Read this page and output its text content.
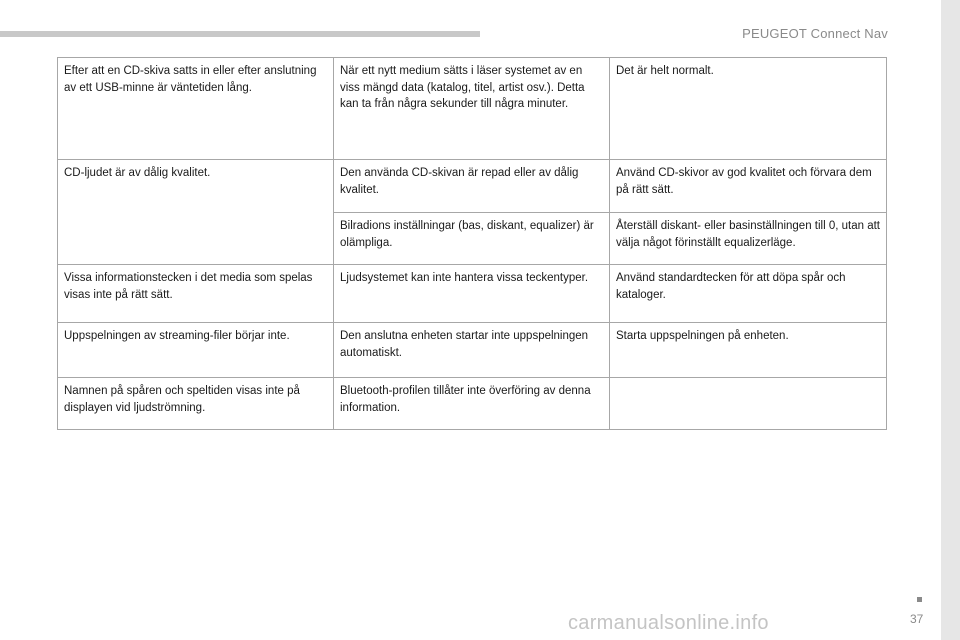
PEUGEOT Connect Nav
Efter att en CD-skiva satts in eller efter anslutning av ett USB-minne är väntetiden lång.	När ett nytt medium sätts i läser systemet av en viss mängd data (katalog, titel, artist osv.). Detta kan ta från några sekunder till några minuter.	Det är helt normalt.
CD-ljudet är av dålig kvalitet.	Den använda CD-skivan är repad eller av dålig kvalitet.	Använd CD-skivor av god kvalitet och förvara dem på rätt sätt.
	Bilradions inställningar (bas, diskant, equalizer) är olämpliga.	Återställ diskant- eller basinställningen till 0, utan att välja något förinställt equalizerläge.
Vissa informationstecken i det media som spelas visas inte på rätt sätt.	Ljudsystemet kan inte hantera vissa teckentyper.	Använd standardtecken för att döpa spår och kataloger.
Uppspelningen av streaming-filer börjar inte.	Den anslutna enheten startar inte uppspelningen automatiskt.	Starta uppspelningen på enheten.
Namnen på spåren och speltiden visas inte på displayen vid ljudströmning.	Bluetooth-profilen tillåter inte överföring av denna information.	
37
carmanualsonline.info
